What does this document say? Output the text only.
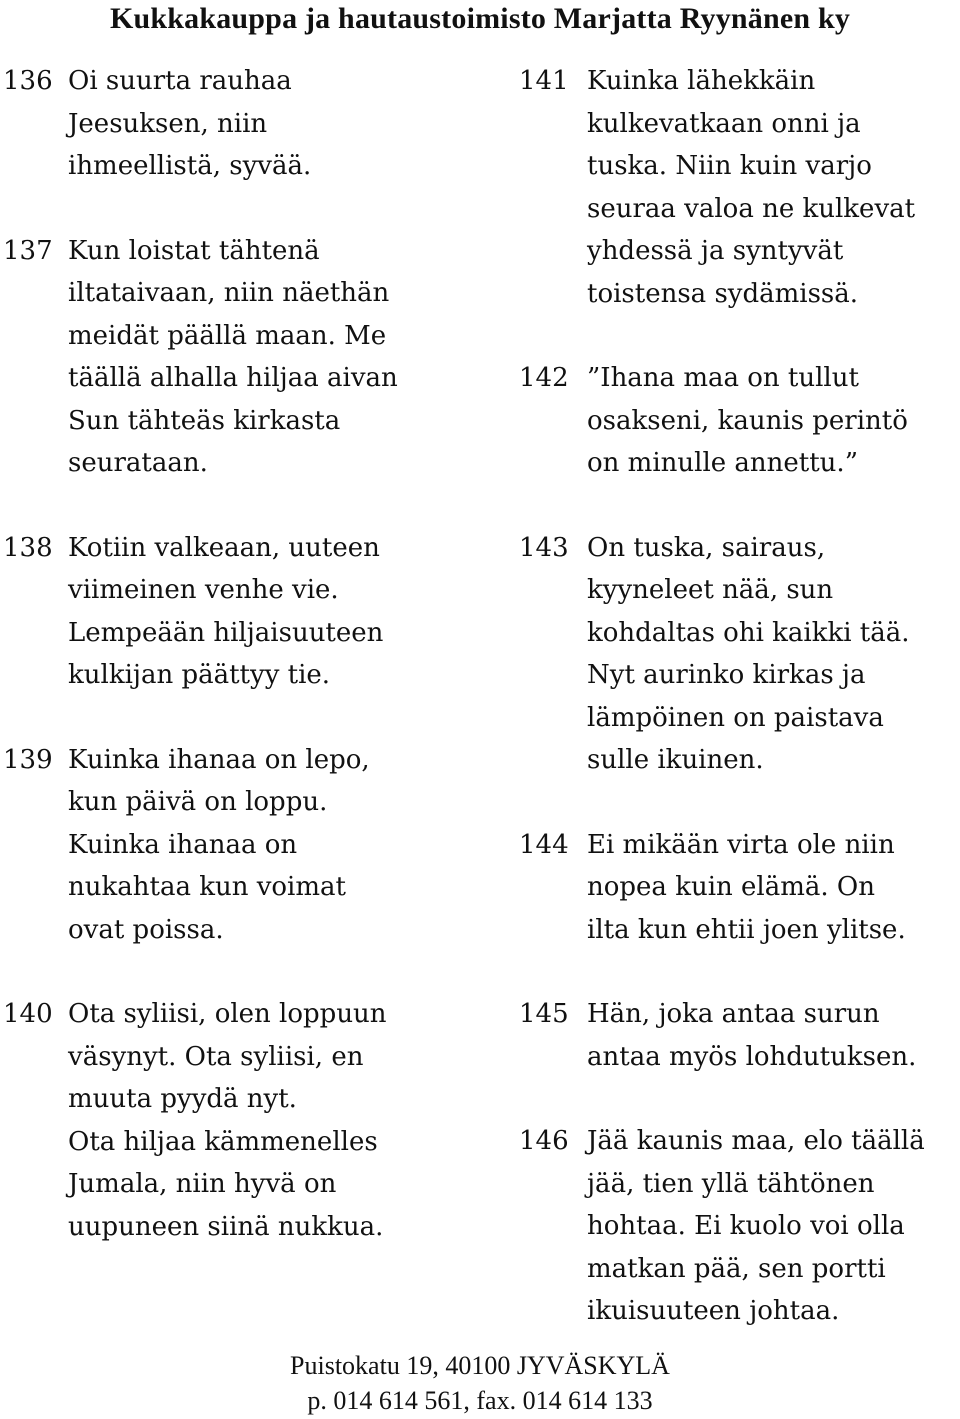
Kukkakauppa ja hautaustoimisto Marjatta Ryynänen ky
136 Oi suurta rauhaa
Jeesuksen, niin
ihmeellistä, syvää.
137 Kun loistat tähtenä
iltataivaan, niin näethän
meidät päällä maan. Me
täällä alhalla hiljaa aivan
Sun tähteäs kirkasta
seurataan.
138 Kotiin valkeaan, uuteen
viimeinen venhe vie.
Lempeään hiljaisuuteen
kulkijan päättyy tie.
139 Kuinka ihanaa on lepo,
kun päivä on loppu.
Kuinka ihanaa on
nukahtaa kun voimat
ovat poissa.
140 Ota syliisi, olen loppuun
väsynyt. Ota syliisi, en
muuta pyydä nyt.
Ota hiljaa kämmenelles
Jumala, niin hyvä on
uupuneen siinä nukkua.
141 Kuinka lähekkäin
kulkevatkaan onni ja
tuska. Niin kuin varjo
seuraa valoa ne kulkevat
yhdessä ja syntyvät
toistensa sydämissä.
142 ”Ihana maa on tullut
osakseni, kaunis perintö
on minulle annettu.”
143 On tuska, sairaus,
kyyneleet nää, sun
kohdaltas ohi kaikki tää.
Nyt aurinko kirkas ja
lämpöinen on paistava
sulle ikuinen.
144 Ei mikään virta ole niin
nopea kuin elämä. On
ilta kun ehtii joen ylitse.
145 Hän, joka antaa surun
antaa myös lohdutuksen.
146 Jää kaunis maa, elo täällä
jää, tien yllä tähtönen
hohtaa. Ei kuolo voi olla
matkan pää, sen portti
ikuisuuteen johtaa.
Puistokatu 19, 40100 JYVÄSKYLÄ
p. 014 614 561, fax. 014 614 133
